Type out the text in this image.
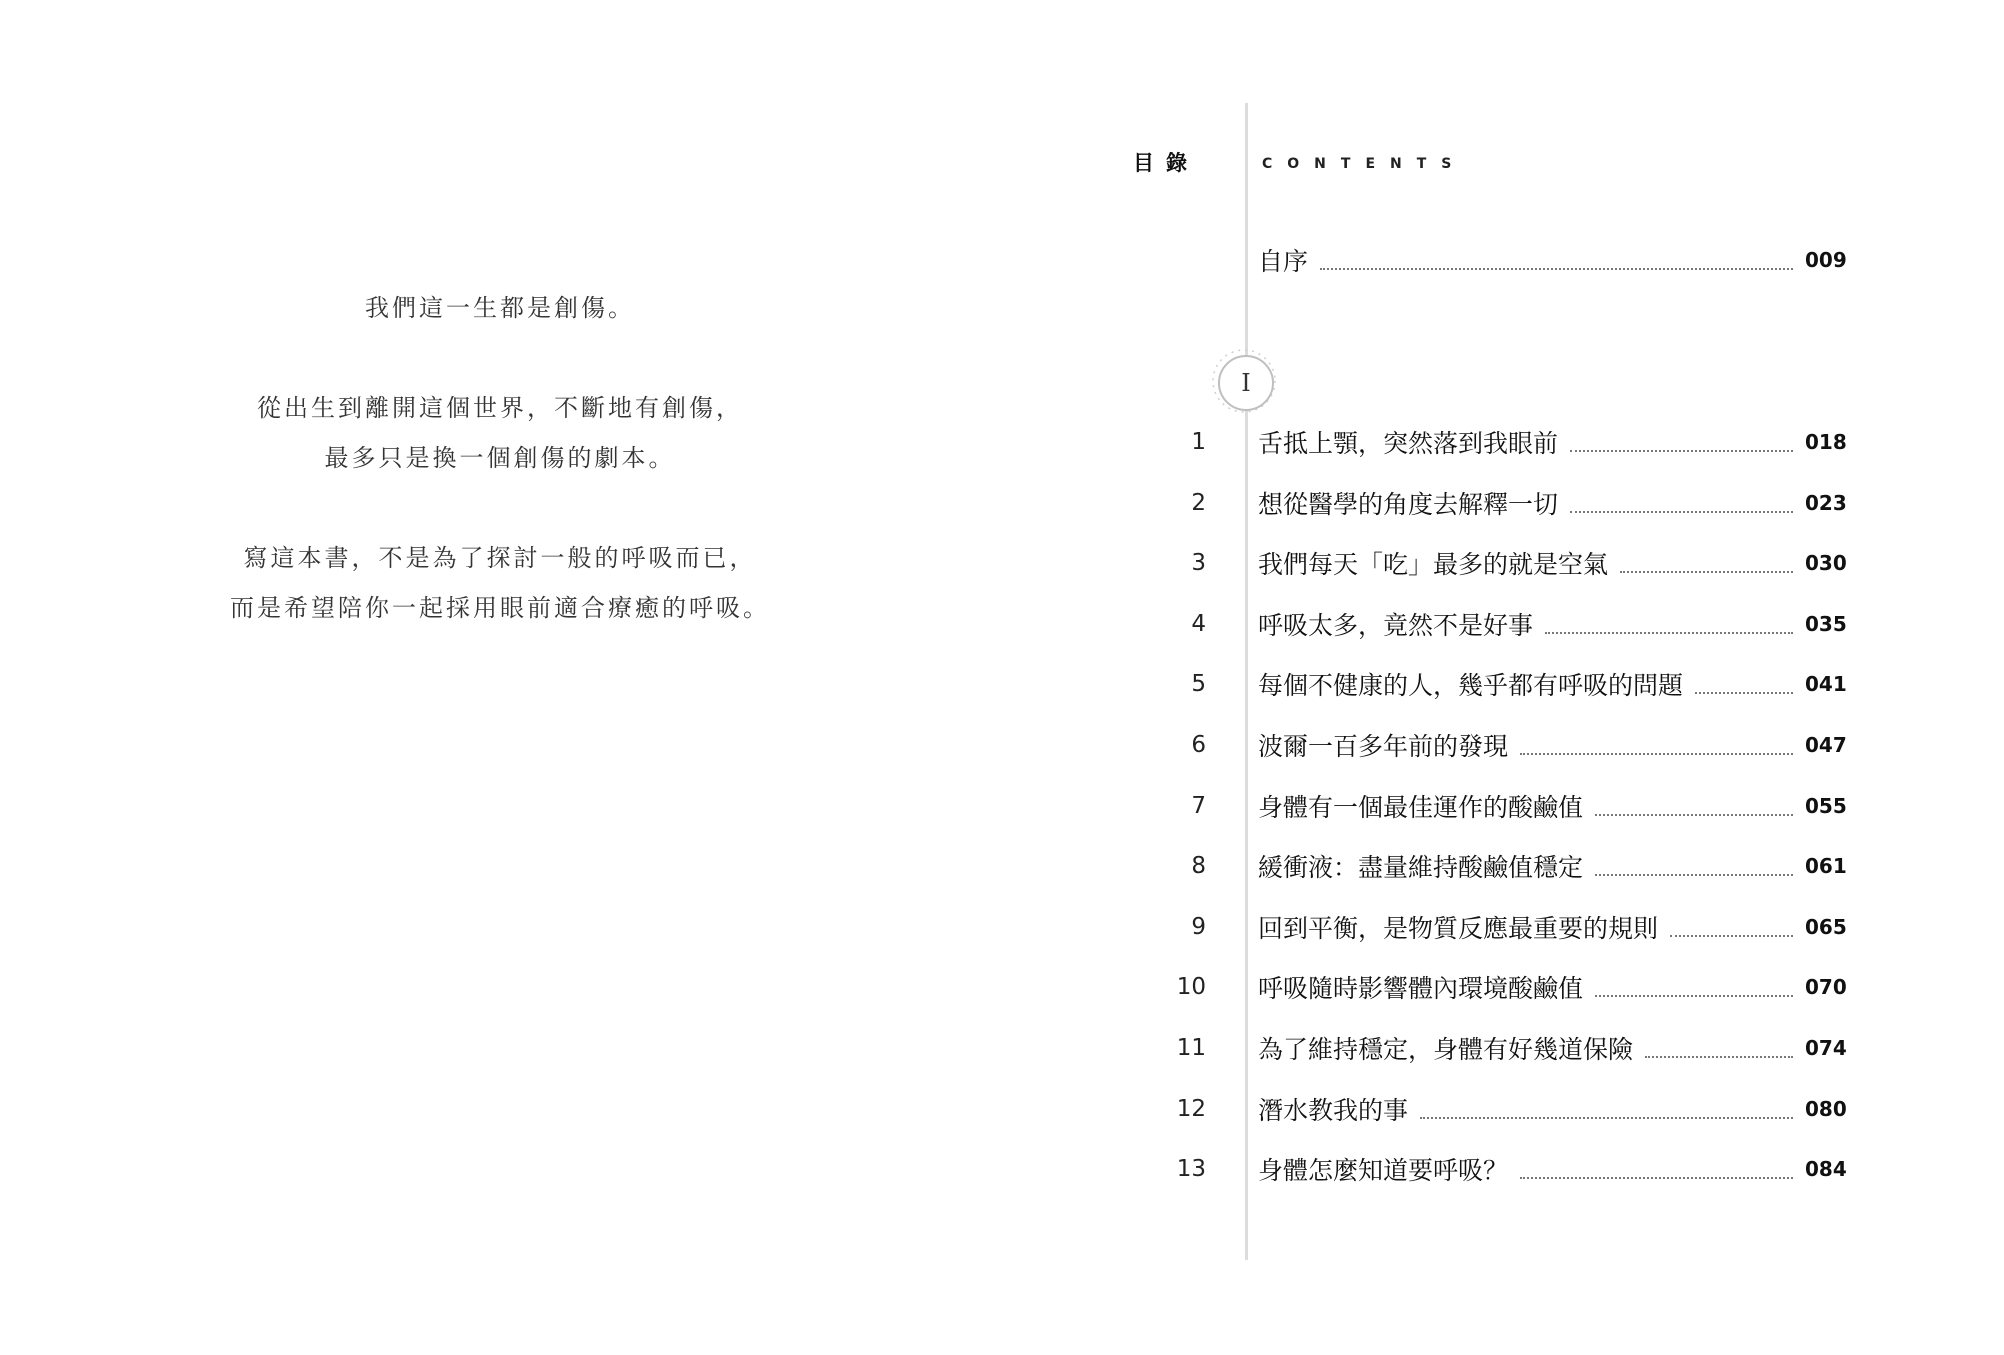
我們這一生都是創傷。

從出生到離開這個世界，不斷地有創傷，
最多只是換一個創傷的劇本。

寫這本書，不是為了探討一般的呼吸而已，
而是希望陪你一起採用眼前適合療癒的呼吸。

目錄	CONTENTS
自序	009
I
1	舌抵上顎，突然落到我眼前	018
2	想從醫學的角度去解釋一切	023
3	我們每天「吃」最多的就是空氣	030
4	呼吸太多，竟然不是好事	035
5	每個不健康的人，幾乎都有呼吸的問題	041
6	波爾一百多年前的發現	047
7	身體有一個最佳運作的酸鹼值	055
8	緩衝液：盡量維持酸鹼值穩定	061
9	回到平衡，是物質反應最重要的規則	065
10	呼吸隨時影響體內環境酸鹼值	070
11	為了維持穩定，身體有好幾道保險	074
12	潛水教我的事	080
13	身體怎麼知道要呼吸？	084
